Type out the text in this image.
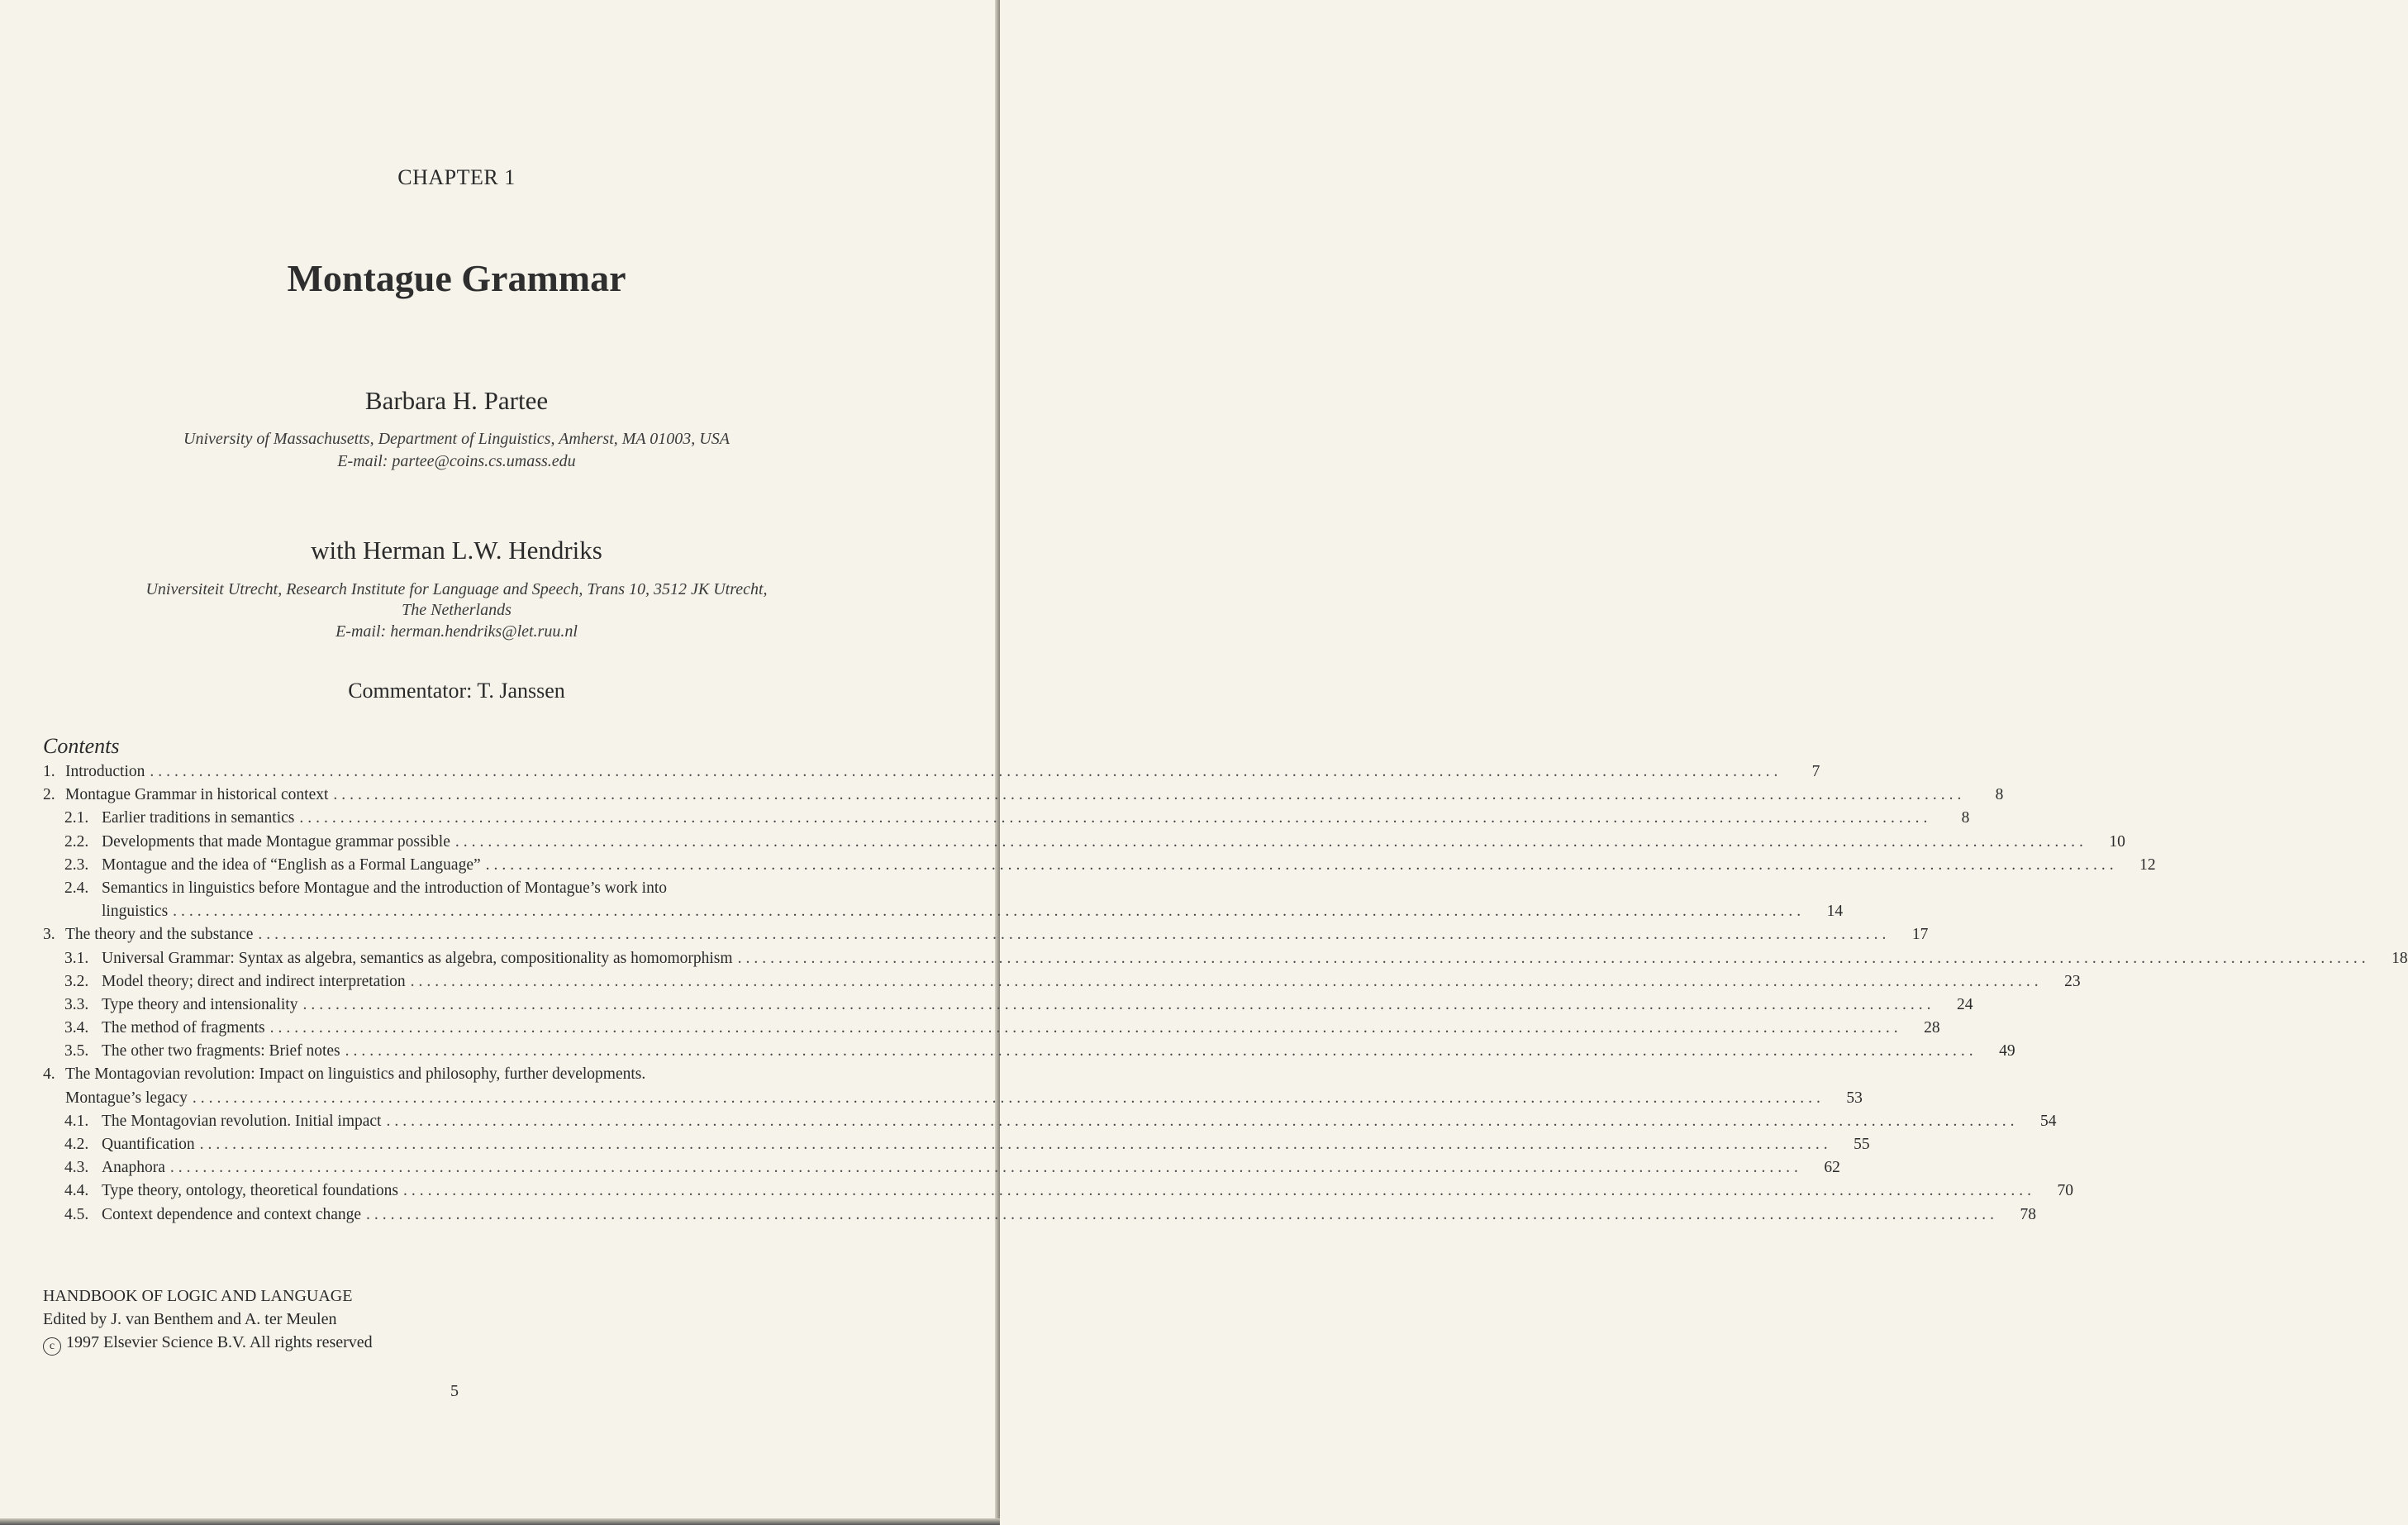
CHAPTER 1
Montague Grammar
Barbara H. Partee
University of Massachusetts, Department of Linguistics, Amherst, MA 01003, USA
E-mail: partee@coins.cs.umass.edu
with Herman L.W. Hendriks
Universiteit Utrecht, Research Institute for Language and Speech, Trans 10, 3512 JK Utrecht,
The Netherlands
E-mail: herman.hendriks@let.ruu.nl
Commentator: T. Janssen
Contents
1. Introduction ........................................................................................................................................................................................................	7
2. Montague Grammar in historical context ........................................................................................................................................................................................................	8
2.1. Earlier traditions in semantics ........................................................................................................................................................................................................	8
2.2. Developments that made Montague grammar possible ........................................................................................................................................................................................................	10
2.3. Montague and the idea of “English as a Formal Language” ........................................................................................................................................................................................................	12
2.4. Semantics in linguistics before Montague and the introduction of Montague’s work into
linguistics ........................................................................................................................................................................................................	14
3. The theory and the substance ........................................................................................................................................................................................................	17
3.1. Universal Grammar: Syntax as algebra, semantics as algebra, compositionality as homomorphism ........................................................................................................................................................................................................	18
3.2. Model theory; direct and indirect interpretation ........................................................................................................................................................................................................	23
3.3. Type theory and intensionality ........................................................................................................................................................................................................	24
3.4. The method of fragments ........................................................................................................................................................................................................	28
3.5. The other two fragments: Brief notes ........................................................................................................................................................................................................	49
4. The Montagovian revolution: Impact on linguistics and philosophy, further developments.
Montague’s legacy ........................................................................................................................................................................................................	53
4.1. The Montagovian revolution. Initial impact ........................................................................................................................................................................................................	54
4.2. Quantification ........................................................................................................................................................................................................	55
4.3. Anaphora ........................................................................................................................................................................................................	62
4.4. Type theory, ontology, theoretical foundations ........................................................................................................................................................................................................	70
4.5. Context dependence and context change ........................................................................................................................................................................................................	78
HANDBOOK OF LOGIC AND LANGUAGE
Edited by J. van Benthem and A. ter Meulen
c 1997 Elsevier Science B.V. All rights reserved
5
